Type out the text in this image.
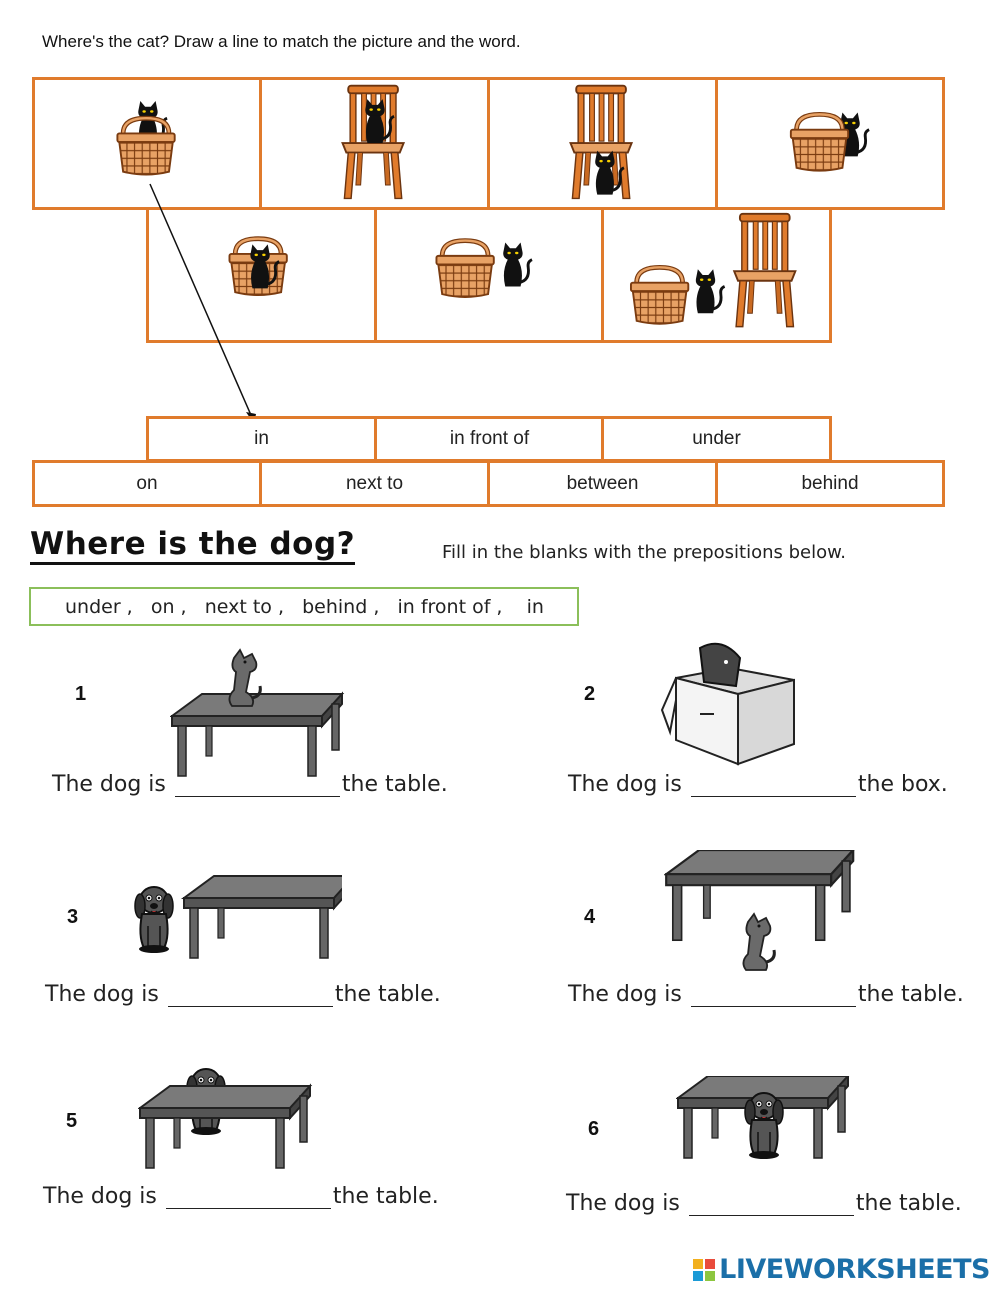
Where's the cat? Draw a line to match the picture and the word.
in	in front of	under
on	next to	between	behind
Where is the dog?	Fill in the blanks with the prepositions below.
under ,   on ,   next to ,   behind ,   in front of ,    in
1
The dog is
	the table.
2
The dog is
	the box.
3
The dog is
	the table.
4
The dog is
	the table.
5
The dog is
	the table.
6
The dog is
	the table.
LIVEWORKSHEETS
